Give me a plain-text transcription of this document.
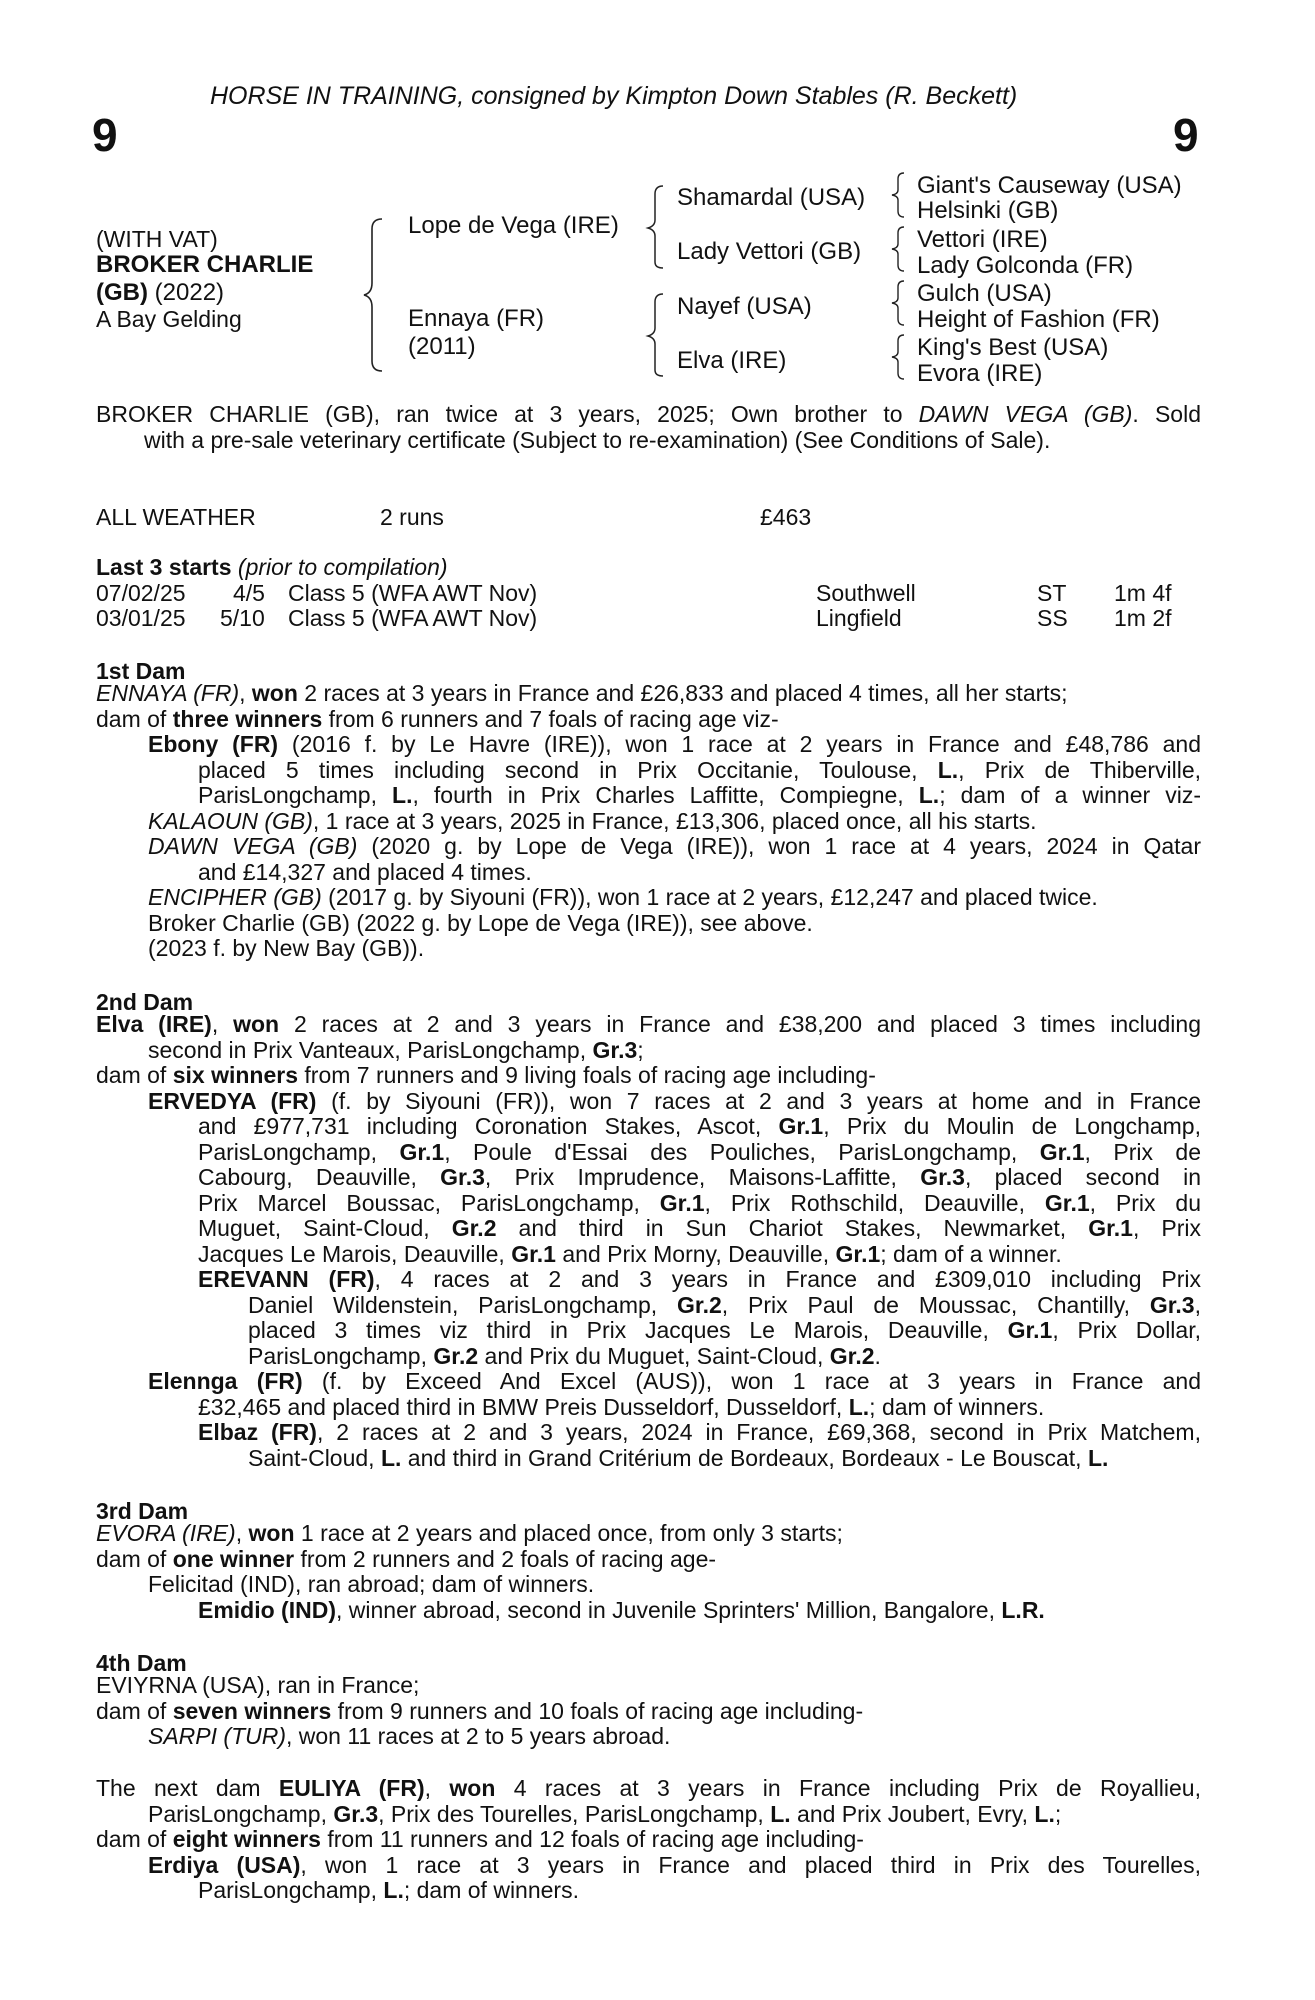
HORSE IN TRAINING, consigned by Kimpton Down Stables (R. Beckett)
9	9
(WITH VAT)
BROKER CHARLIE
(GB) (2022)
A Bay Gelding
Lope de Vega (IRE)
Ennaya (FR)
(2011)
Shamardal (USA)
Lady Vettori (GB)
Nayef (USA)
Elva (IRE)
Giant's Causeway (USA)
Helsinki (GB)
Vettori (IRE)
Lady Golconda (FR)
Gulch (USA)
Height of Fashion (FR)
King's Best (USA)
Evora (IRE)
BROKER CHARLIE (GB), ran twice at 3 years, 2025; Own brother to DAWN VEGA (GB). Sold
with a pre-sale veterinary certificate (Subject to re-examination) (See Conditions of Sale).
ALL WEATHER	2 runs	£463
Last 3 starts (prior to compilation)
07/02/25 4/5 Class 5 (WFA AWT Nov)	Southwell	ST 1m 4f
03/01/25 5/10 Class 5 (WFA AWT Nov)	Lingfield	SS 1m 2f
1st Dam
ENNAYA (FR), won 2 races at 3 years in France and £26,833 and placed 4 times, all her starts;
dam of three winners from 6 runners and 7 foals of racing age viz-
Ebony (FR) (2016 f. by Le Havre (IRE)), won 1 race at 2 years in France and £48,786 and
placed 5 times including second in Prix Occitanie, Toulouse, L., Prix de Thiberville,
ParisLongchamp, L., fourth in Prix Charles Laffitte, Compiegne, L.; dam of a winner viz-
KALAOUN (GB), 1 race at 3 years, 2025 in France, £13,306, placed once, all his starts.
DAWN VEGA (GB) (2020 g. by Lope de Vega (IRE)), won 1 race at 4 years, 2024 in Qatar
and £14,327 and placed 4 times.
ENCIPHER (GB) (2017 g. by Siyouni (FR)), won 1 race at 2 years, £12,247 and placed twice.
Broker Charlie (GB) (2022 g. by Lope de Vega (IRE)), see above.
(2023 f. by New Bay (GB)).
2nd Dam
Elva (IRE), won 2 races at 2 and 3 years in France and £38,200 and placed 3 times including
second in Prix Vanteaux, ParisLongchamp, Gr.3;
dam of six winners from 7 runners and 9 living foals of racing age including-
ERVEDYA (FR) (f. by Siyouni (FR)), won 7 races at 2 and 3 years at home and in France
and £977,731 including Coronation Stakes, Ascot, Gr.1, Prix du Moulin de Longchamp,
ParisLongchamp, Gr.1, Poule d'Essai des Pouliches, ParisLongchamp, Gr.1, Prix de
Cabourg, Deauville, Gr.3, Prix Imprudence, Maisons-Laffitte, Gr.3, placed second in
Prix Marcel Boussac, ParisLongchamp, Gr.1, Prix Rothschild, Deauville, Gr.1, Prix du
Muguet, Saint-Cloud, Gr.2 and third in Sun Chariot Stakes, Newmarket, Gr.1, Prix
Jacques Le Marois, Deauville, Gr.1 and Prix Morny, Deauville, Gr.1; dam of a winner.
EREVANN (FR), 4 races at 2 and 3 years in France and £309,010 including Prix
Daniel Wildenstein, ParisLongchamp, Gr.2, Prix Paul de Moussac, Chantilly, Gr.3,
placed 3 times viz third in Prix Jacques Le Marois, Deauville, Gr.1, Prix Dollar,
ParisLongchamp, Gr.2 and Prix du Muguet, Saint-Cloud, Gr.2.
Elennga (FR) (f. by Exceed And Excel (AUS)), won 1 race at 3 years in France and
£32,465 and placed third in BMW Preis Dusseldorf, Dusseldorf, L.; dam of winners.
Elbaz (FR), 2 races at 2 and 3 years, 2024 in France, £69,368, second in Prix Matchem,
Saint-Cloud, L. and third in Grand Critérium de Bordeaux, Bordeaux - Le Bouscat, L.
3rd Dam
EVORA (IRE), won 1 race at 2 years and placed once, from only 3 starts;
dam of one winner from 2 runners and 2 foals of racing age-
Felicitad (IND), ran abroad; dam of winners.
Emidio (IND), winner abroad, second in Juvenile Sprinters' Million, Bangalore, L.R.
4th Dam
EVIYRNA (USA), ran in France;
dam of seven winners from 9 runners and 10 foals of racing age including-
SARPI (TUR), won 11 races at 2 to 5 years abroad.
The next dam EULIYA (FR), won 4 races at 3 years in France including Prix de Royallieu,
ParisLongchamp, Gr.3, Prix des Tourelles, ParisLongchamp, L. and Prix Joubert, Evry, L.;
dam of eight winners from 11 runners and 12 foals of racing age including-
Erdiya (USA), won 1 race at 3 years in France and placed third in Prix des Tourelles,
ParisLongchamp, L.; dam of winners.
